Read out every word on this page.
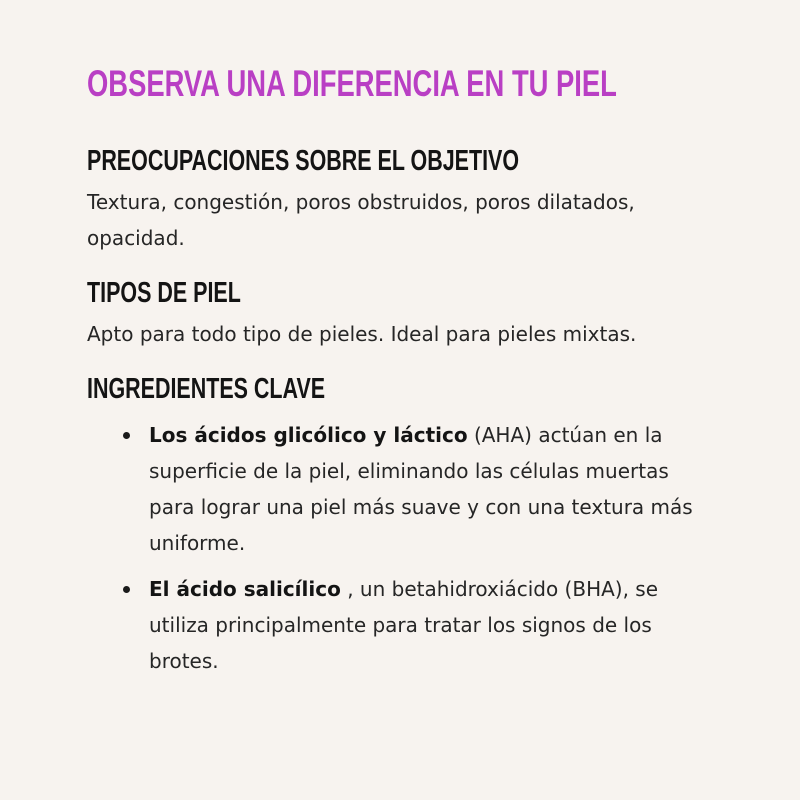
OBSERVA UNA DIFERENCIA EN TU PIEL
PREOCUPACIONES SOBRE EL OBJETIVO

Textura, congestión, poros obstruidos, poros dilatados, opacidad.

TIPOS DE PIEL

Apto para todo tipo de pieles. Ideal para pieles mixtas.

INGREDIENTES CLAVE
Los ácidos glicólico y láctico (AHA) actúan en la superficie de la piel, eliminando las células muertas para lograr una piel más suave y con una textura más uniforme.
El ácido salicílico , un betahidroxiácido (BHA), se utiliza principalmente para tratar los signos de los brotes.
